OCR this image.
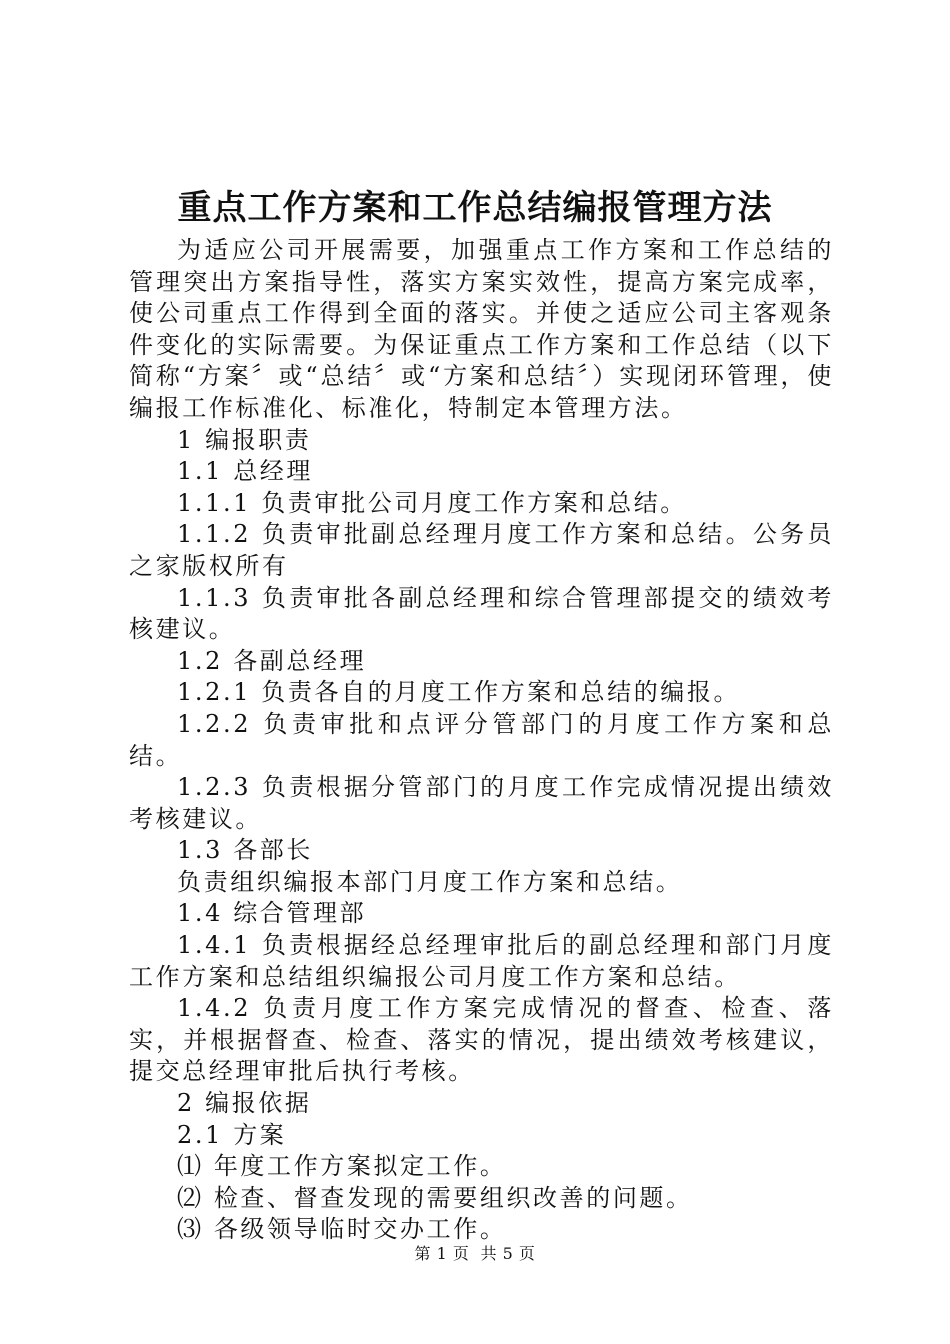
重点工作方案和工作总结编报管理方法

为适应公司开展需要，加强重点工作方案和工作总结的管理突出方案指导性，落实方案实效性，提高方案完成率，使公司重点工作得到全面的落实。并使之适应公司主客观条件变化的实际需要。为保证重点工作方案和工作总结（以下简称“方案〞或“总结〞或“方案和总结〞）实现闭环管理，使编报工作标准化、标准化，特制定本管理方法。

1 编报职责

1.1 总经理

1.1.1 负责审批公司月度工作方案和总结。

1.1.2 负责审批副总经理月度工作方案和总结。公务员之家版权所有

1.1.3 负责审批各副总经理和综合管理部提交的绩效考核建议。

1.2 各副总经理

1.2.1 负责各自的月度工作方案和总结的编报。

1.2.2 负责审批和点评分管部门的月度工作方案和总结。

1.2.3 负责根据分管部门的月度工作完成情况提出绩效考核建议。

1.3 各部长

负责组织编报本部门月度工作方案和总结。

1.4 综合管理部

1.4.1 负责根据经总经理审批后的副总经理和部门月度工作方案和总结组织编报公司月度工作方案和总结。

1.4.2 负责月度工作方案完成情况的督查、检查、落实，并根据督查、检查、落实的情况，提出绩效考核建议，提交总经理审批后执行考核。

2 编报依据

2.1 方案

⑴ 年度工作方案拟定工作。

⑵ 检查、督查发现的需要组织改善的问题。

⑶ 各级领导临时交办工作。

第 1 页  共 5 页
